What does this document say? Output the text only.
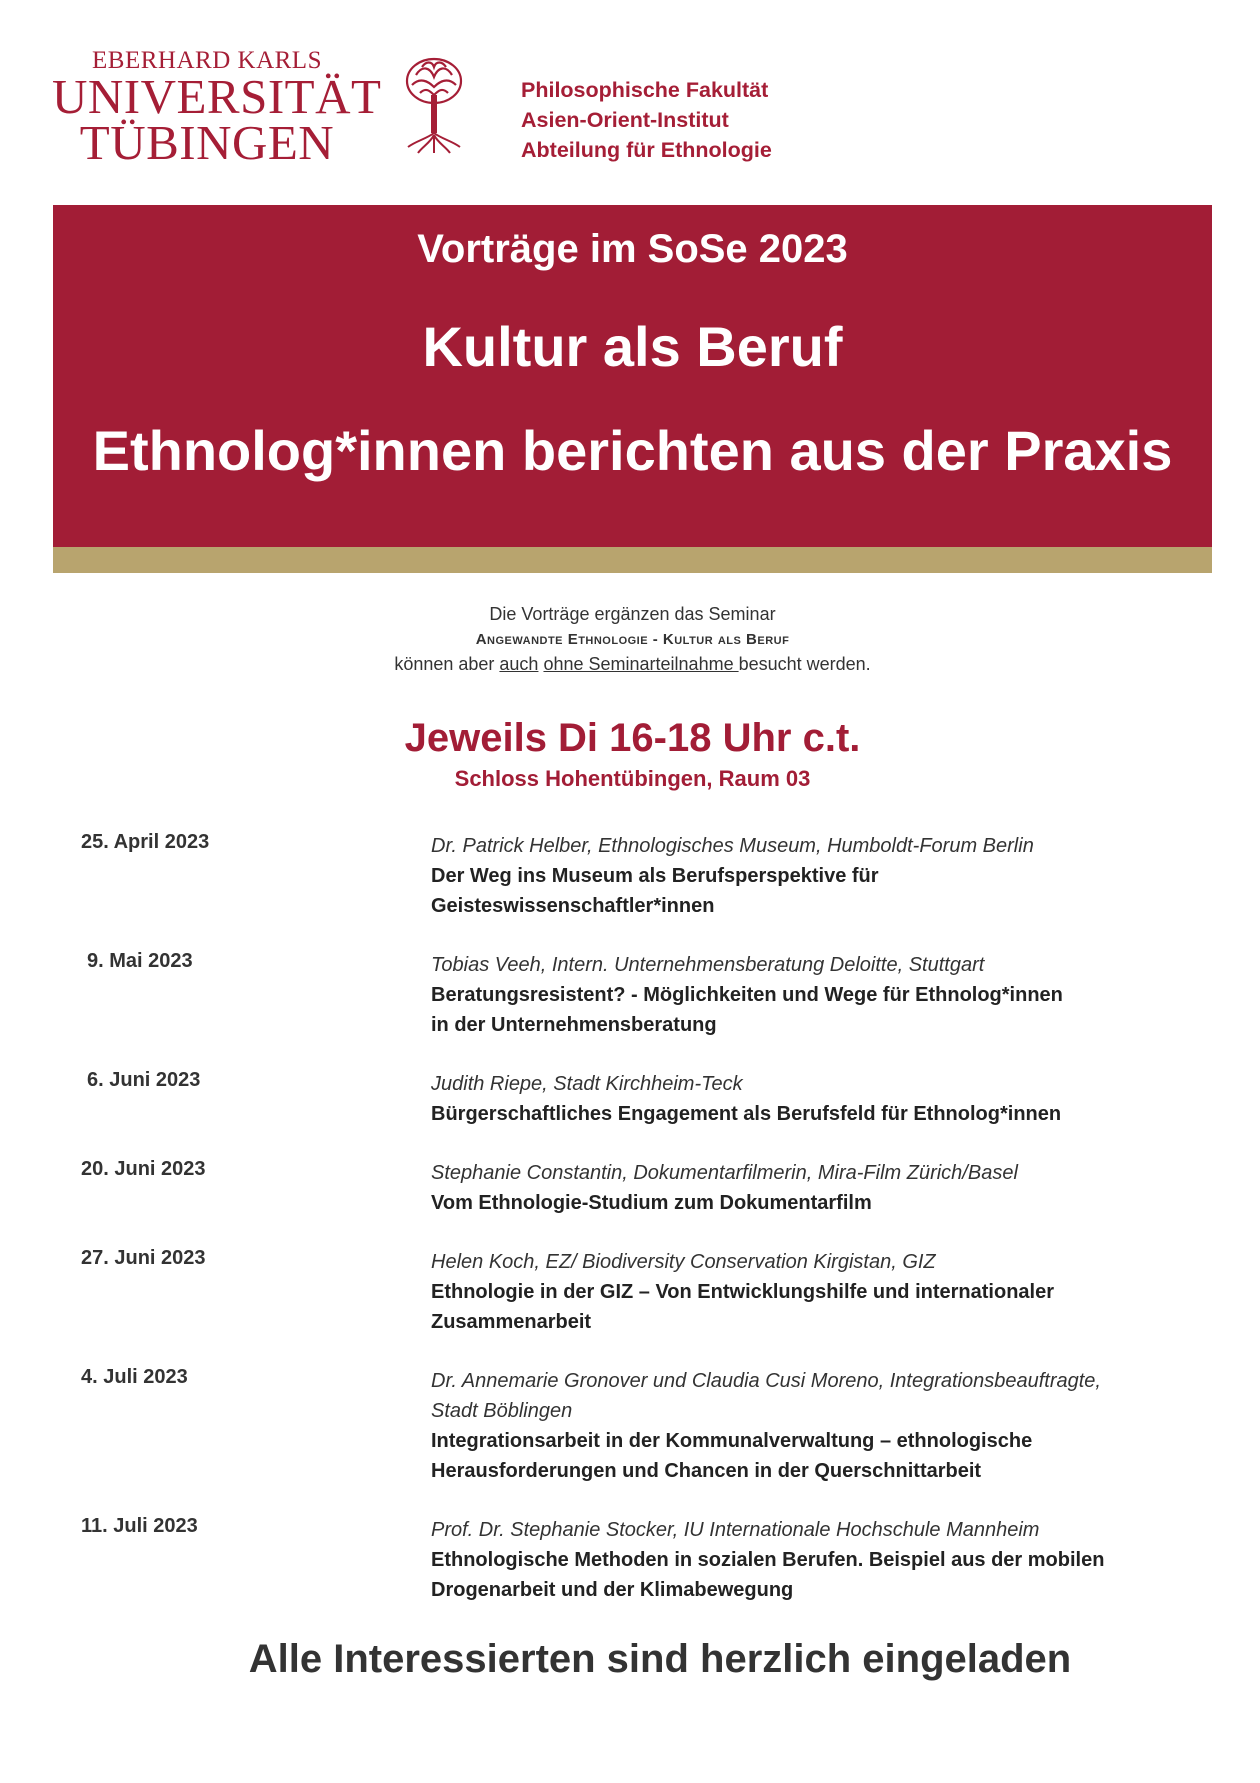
EBERHARD KARLS
UNIVERSITÄT
TÜBINGEN
Philosophische Fakultät
Asien-Orient-Institut
Abteilung für Ethnologie
Vorträge im SoSe 2023
Kultur als Beruf
Ethnolog*innen berichten aus der Praxis
Die Vorträge ergänzen das Seminar
Angewandte Ethnologie - Kultur als Beruf
können aber auch ohne Seminarteilnahme besucht werden.
Jeweils Di 16-18 Uhr c.t.
Schloss Hohentübingen, Raum 03
25. April 2023	Dr. Patrick Helber, Ethnologisches Museum, Humboldt-Forum Berlin
Der Weg ins Museum als Berufsperspektive für
Geisteswissenschaftler*innen
9. Mai 2023	Tobias Veeh, Intern. Unternehmensberatung Deloitte, Stuttgart
Beratungsresistent? - Möglichkeiten und Wege für Ethnolog*innen
in der Unternehmensberatung
6. Juni 2023	Judith Riepe, Stadt Kirchheim-Teck
Bürgerschaftliches Engagement als Berufsfeld für Ethnolog*innen
20. Juni 2023	Stephanie Constantin, Dokumentarfilmerin, Mira-Film Zürich/Basel
Vom Ethnologie-Studium zum Dokumentarfilm
27. Juni 2023	Helen Koch, EZ/ Biodiversity Conservation Kirgistan, GIZ
Ethnologie in der GIZ – Von Entwicklungshilfe und internationaler
Zusammenarbeit
4. Juli 2023	Dr. Annemarie Gronover und Claudia Cusi Moreno, Integrationsbeauftragte,
Stadt Böblingen
Integrationsarbeit in der Kommunalverwaltung – ethnologische
Herausforderungen und Chancen in der Querschnittarbeit
11. Juli 2023	Prof. Dr. Stephanie Stocker, IU Internationale Hochschule Mannheim
Ethnologische Methoden in sozialen Berufen. Beispiel aus der mobilen
Drogenarbeit und der Klimabewegung
Alle Interessierten sind herzlich eingeladen
